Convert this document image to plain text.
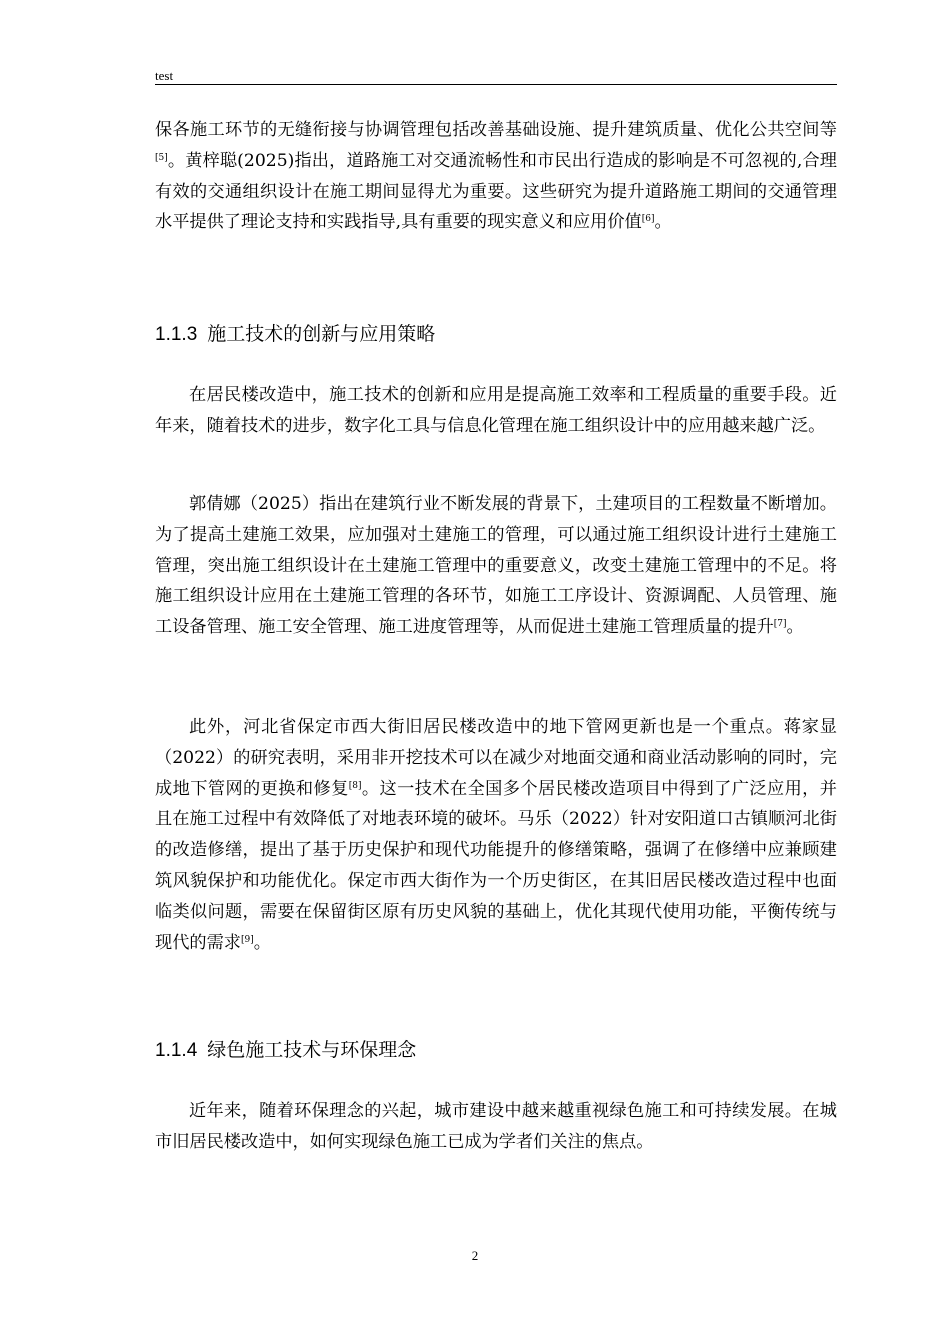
test

保各施工环节的无缝衔接与协调管理包括改善基础设施、提升建筑质量、优化公共空间等[5]。黄梓聪(2025)指出，道路施工对交通流畅性和市民出行造成的影响是不可忽视的,合理有效的交通组织设计在施工期间显得尤为重要。这些研究为提升道路施工期间的交通管理水平提供了理论支持和实践指导,具有重要的现实意义和应用价值[6]。

1.1.3 施工技术的创新与应用策略

在居民楼改造中，施工技术的创新和应用是提高施工效率和工程质量的重要手段。近年来，随着技术的进步，数字化工具与信息化管理在施工组织设计中的应用越来越广泛。

郭倩娜（2025）指出在建筑行业不断发展的背景下，土建项目的工程数量不断增加。为了提高土建施工效果，应加强对土建施工的管理，可以通过施工组织设计进行土建施工管理，突出施工组织设计在土建施工管理中的重要意义，改变土建施工管理中的不足。将施工组织设计应用在土建施工管理的各环节，如施工工序设计、资源调配、人员管理、施工设备管理、施工安全管理、施工进度管理等，从而促进土建施工管理质量的提升[7]。

此外，河北省保定市西大街旧居民楼改造中的地下管网更新也是一个重点。蒋家显（2022）的研究表明，采用非开挖技术可以在减少对地面交通和商业活动影响的同时，完成地下管网的更换和修复[8]。这一技术在全国多个居民楼改造项目中得到了广泛应用，并且在施工过程中有效降低了对地表环境的破坏。马乐（2022）针对安阳道口古镇顺河北街的改造修缮，提出了基于历史保护和现代功能提升的修缮策略，强调了在修缮中应兼顾建筑风貌保护和功能优化。保定市西大街作为一个历史街区，在其旧居民楼改造过程中也面临类似问题，需要在保留街区原有历史风貌的基础上，优化其现代使用功能，平衡传统与现代的需求[9]。

1.1.4 绿色施工技术与环保理念

近年来，随着环保理念的兴起，城市建设中越来越重视绿色施工和可持续发展。在城市旧居民楼改造中，如何实现绿色施工已成为学者们关注的焦点。

2
